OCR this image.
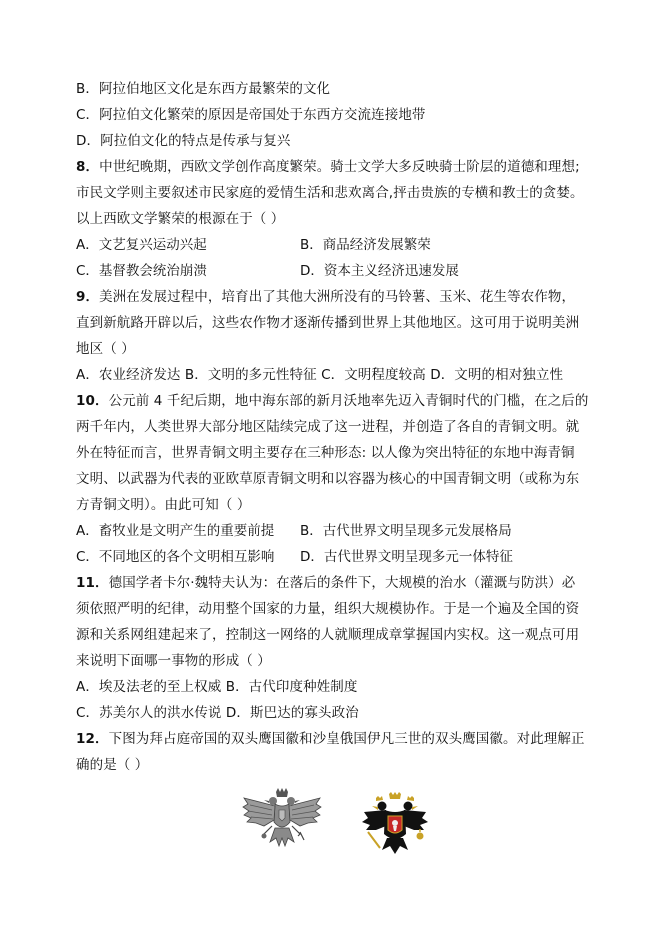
B．阿拉伯地区文化是东西方最繁荣的文化
C．阿拉伯文化繁荣的原因是帝国处于东西方交流连接地带
D．阿拉伯文化的特点是传承与复兴
8．中世纪晚期，西欧文学创作高度繁荣。骑士文学大多反映骑士阶层的道德和理想;
市民文学则主要叙述市民家庭的爱情生活和悲欢离合,抨击贵族的专横和教士的贪婪。
以上西欧文学繁荣的根源在于（ ）
A．文艺复兴运动兴起	B．商品经济发展繁荣
C．基督教会统治崩溃	D．资本主义经济迅速发展
9．美洲在发展过程中，培育出了其他大洲所没有的马铃薯、玉米、花生等农作物，
直到新航路开辟以后，这些农作物才逐渐传播到世界上其他地区。这可用于说明美洲
地区（ ）
A．农业经济发达 B．文明的多元性特征 C．文明程度较高 D．文明的相对独立性
10．公元前 4 千纪后期，地中海东部的新月沃地率先迈入青铜时代的门槛，在之后的
两千年内，人类世界大部分地区陆续完成了这一进程，并创造了各自的青铜文明。就
外在特征而言，世界青铜文明主要存在三种形态: 以人像为突出特征的东地中海青铜
文明、以武器为代表的亚欧草原青铜文明和以容器为核心的中国青铜文明（或称为东
方青铜文明）。由此可知（ ）
A．畜牧业是文明产生的重要前提 B．古代世界文明呈现多元发展格局
C．不同地区的各个文明相互影响 D．古代世界文明呈现多元一体特征
11．德国学者卡尔·魏特夫认为：在落后的条件下，大规模的治水（灌溉与防洪）必
须依照严明的纪律，动用整个国家的力量，组织大规模协作。于是一个遍及全国的资
源和关系网组建起来了，控制这一网络的人就顺理成章掌握国内实权。这一观点可用
来说明下面哪一事物的形成（ ）
A．埃及法老的至上权威 B．古代印度种姓制度
C．苏美尔人的洪水传说 D．斯巴达的寡头政治
12．下图为拜占庭帝国的双头鹰国徽和沙皇俄国伊凡三世的双头鹰国徽。对此理解正
确的是（ ）
